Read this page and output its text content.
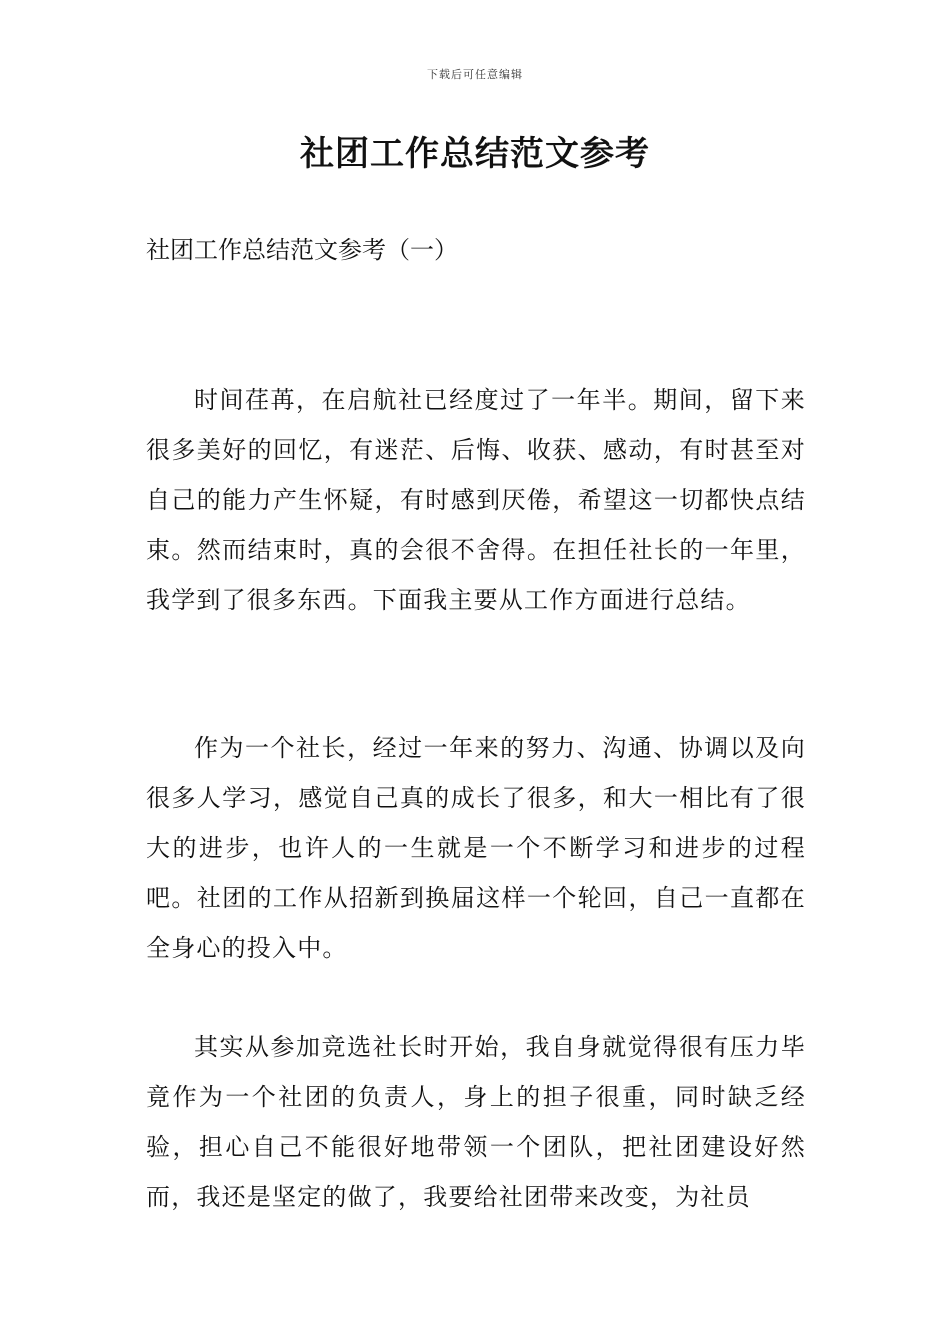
下载后可任意编辑
社团工作总结范文参考

社团工作总结范文参考（一）

时间荏苒，在启航社已经度过了一年半。期间，留下来很多美好的回忆，有迷茫、后悔、收获、感动，有时甚至对自己的能力产生怀疑，有时感到厌倦，希望这一切都快点结束。然而结束时，真的会很不舍得。在担任社长的一年里，我学到了很多东西。下面我主要从工作方面进行总结。

作为一个社长，经过一年来的努力、沟通、协调以及向很多人学习，感觉自己真的成长了很多，和大一相比有了很大的进步，也许人的一生就是一个不断学习和进步的过程吧。社团的工作从招新到换届这样一个轮回，自己一直都在全身心的投入中。

其实从参加竞选社长时开始，我自身就觉得很有压力毕竟作为一个社团的负责人，身上的担子很重，同时缺乏经验，担心自己不能很好地带领一个团队，把社团建设好然而，我还是坚定的做了，我要给社团带来改变，为社员
